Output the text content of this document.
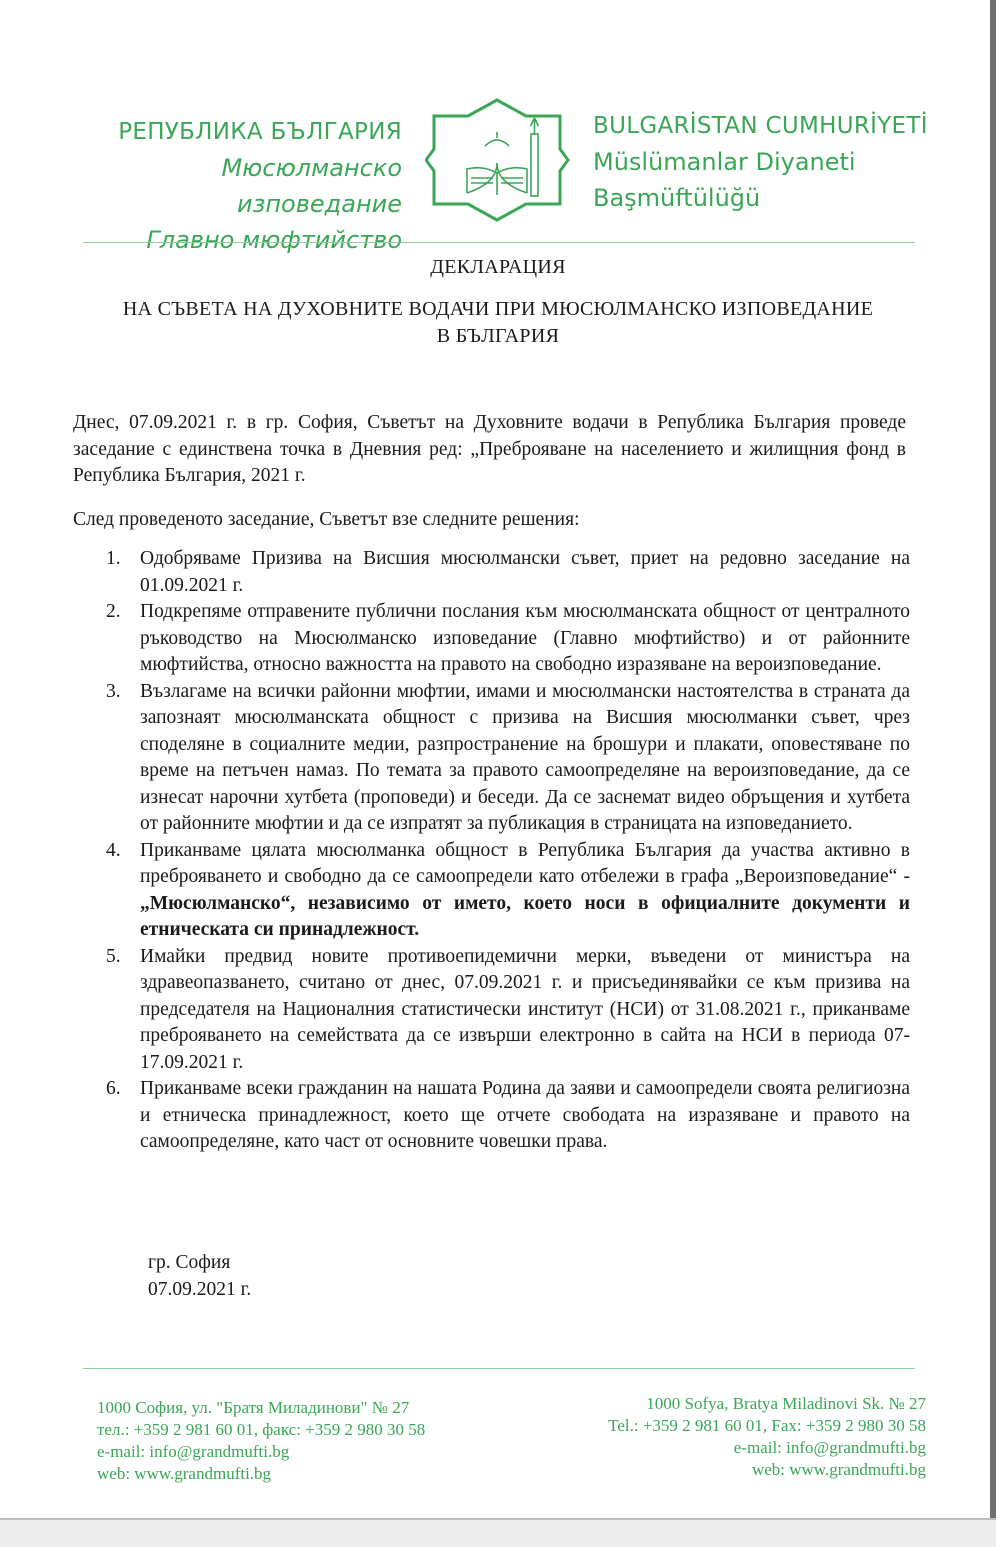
РЕПУБЛИКА БЪЛГАРИЯ
Мюсюлманско изповедание
Главно мюфтийство
BULGARİSTAN CUMHURİYETİ
Müslümanlar Diyaneti
Başmüftülüğü
ДЕКЛАРАЦИЯ
НА СЪВЕТА НА ДУХОВНИТЕ ВОДАЧИ ПРИ МЮСЮЛМАНСКО ИЗПОВЕДАНИЕ
В БЪЛГАРИЯ
Днес, 07.09.2021 г. в гр. София, Съветът на Духовните водачи в Република България проведе заседание с единствена точка в Дневния ред: „Преброяване на населението и жилищния фонд в Република България, 2021 г.
След проведеното заседание, Съветът взе следните решения:
1. Одобряваме Призива на Висшия мюсюлмански съвет, приет на редовно заседание на 01.09.2021 г.
2. Подкрепяме отправените публични послания към мюсюлманската общност от централното ръководство на Мюсюлманско изповедание (Главно мюфтийство) и от районните мюфтийства, относно важността на правото на свободно изразяване на вероизповедание.
3. Възлагаме на всички районни мюфтии, имами и мюсюлмански настоятелства в страната да запознаят мюсюлманската общност с призива на Висшия мюсюлманки съвет, чрез споделяне в социалните медии, разпространение на брошури и плакати, оповестяване по време на петъчен намаз. По темата за правото самоопределяне на вероизповедание, да се изнесат нарочни хутбета (проповеди) и беседи. Да се заснемат видео обръщения и хутбета от районните мюфтии и да се изпратят за публикация в страницата на изповеданието.
4. Приканваме цялата мюсюлманка общност в Република България да участва активно в преброяването и свободно да се самоопредели като отбележи в графа „Вероизповедание“ - „Мюсюлманско“, независимо от името, което носи в официалните документи и етническата си принадлежност.
5. Имайки предвид новите противоепидемични мерки, въведени от министъра на здравеопазването, считано от днес, 07.09.2021 г. и присъединявайки се към призива на председателя на Националния статистически институт (НСИ) от 31.08.2021 г., приканваме преброяването на семействата да се извърши електронно в сайта на НСИ в периода 07-17.09.2021 г.
6. Приканваме всеки гражданин на нашата Родина да заяви и самоопредели своята религиозна и етническа принадлежност, което ще отчете свободата на изразяване и правото на самоопределяне, като част от основните човешки права.
гр. София
07.09.2021 г.
1000 София, ул. "Братя Миладинови" № 27
тел.: +359 2 981 60 01, факс: +359 2 980 30 58
e-mail: info@grandmufti.bg
web: www.grandmufti.bg
1000 Sofya, Bratya Miladinovi Sk. № 27
Tel.: +359 2 981 60 01, Fax: +359 2 980 30 58
e-mail: info@grandmufti.bg
web: www.grandmufti.bg
